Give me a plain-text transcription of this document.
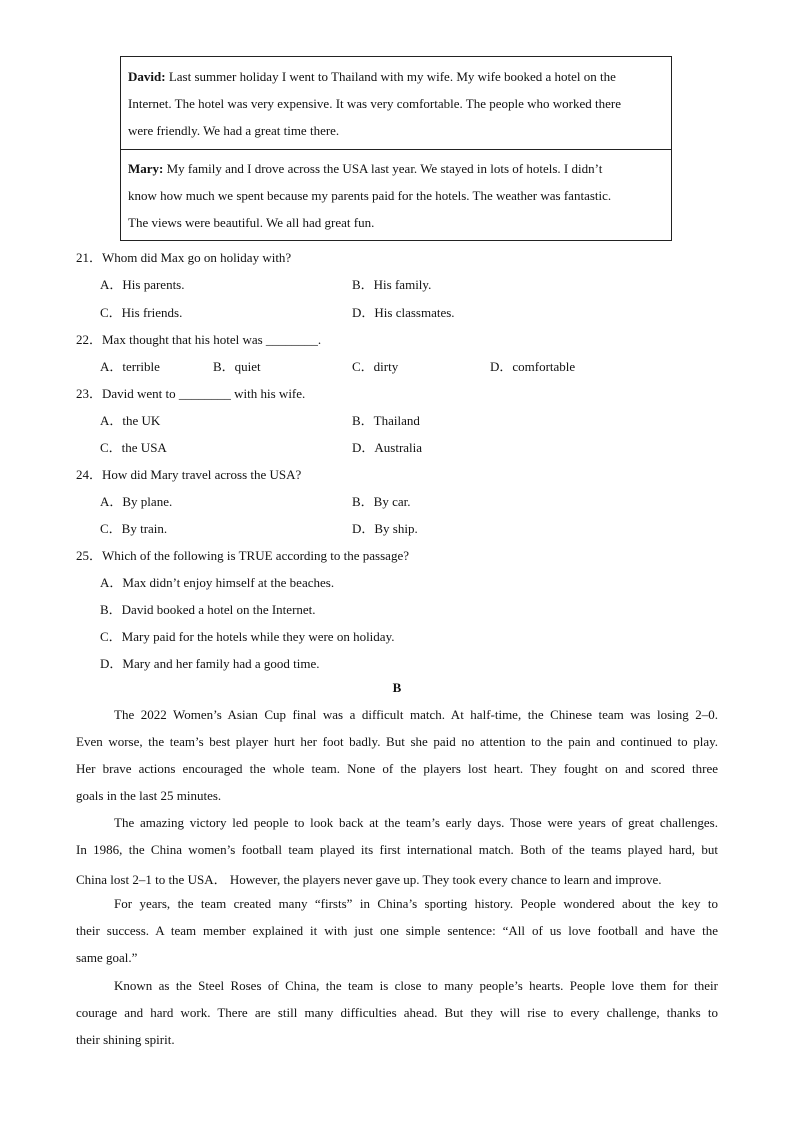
David: Last summer holiday I went to Thailand with my wife. My wife booked a hotel on the
Internet. The hotel was very expensive. It was very comfortable. The people who worked there
were friendly. We had a great time there.
Mary: My family and I drove across the USA last year. We stayed in lots of hotels. I didn’t
know how much we spent because my parents paid for the hotels. The weather was fantastic.
The views were beautiful. We all had great fun.
21．Whom did Max go on holiday with?
A．His parents.	B．His family.
C．His friends.	D．His classmates.
22．Max thought that his hotel was ________.
A．terrible	B．quiet	C．dirty	D．comfortable
23．David went to ________ with his wife.
A．the UK	B．Thailand
C．the USA	D．Australia
24．How did Mary travel across the USA?
A．By plane.	B．By car.
C．By train.	D．By ship.
25．Which of the following is TRUE according to the passage?
A．Max didn’t enjoy himself at the beaches.
B．David booked a hotel on the Internet.
C．Mary paid for the hotels while they were on holiday.
D．Mary and her family had a good time.
B
The 2022 Women’s Asian Cup final was a difficult match. At half-time, the Chinese team was losing 2–0.
Even worse, the team’s best player hurt her foot badly. But she paid no attention to the pain and continued to play.
Her brave actions encouraged the whole team. None of the players lost heart. They fought on and scored three
goals in the last 25 minutes.
The amazing victory led people to look back at the team’s early days. Those were years of great challenges.
In 1986, the China women’s football team played its first international match. Both of the teams played hard, but
China lost 2–1 to the USA． However, the players never gave up. They took every chance to learn and improve.
For years, the team created many “firsts” in China’s sporting history. People wondered about the key to
their success. A team member explained it with just one simple sentence: “All of us love football and have the
same goal.”
Known as the Steel Roses of China, the team is close to many people’s hearts. People love them for their
courage and hard work. There are still many difficulties ahead. But they will rise to every challenge, thanks to
their shining spirit.
